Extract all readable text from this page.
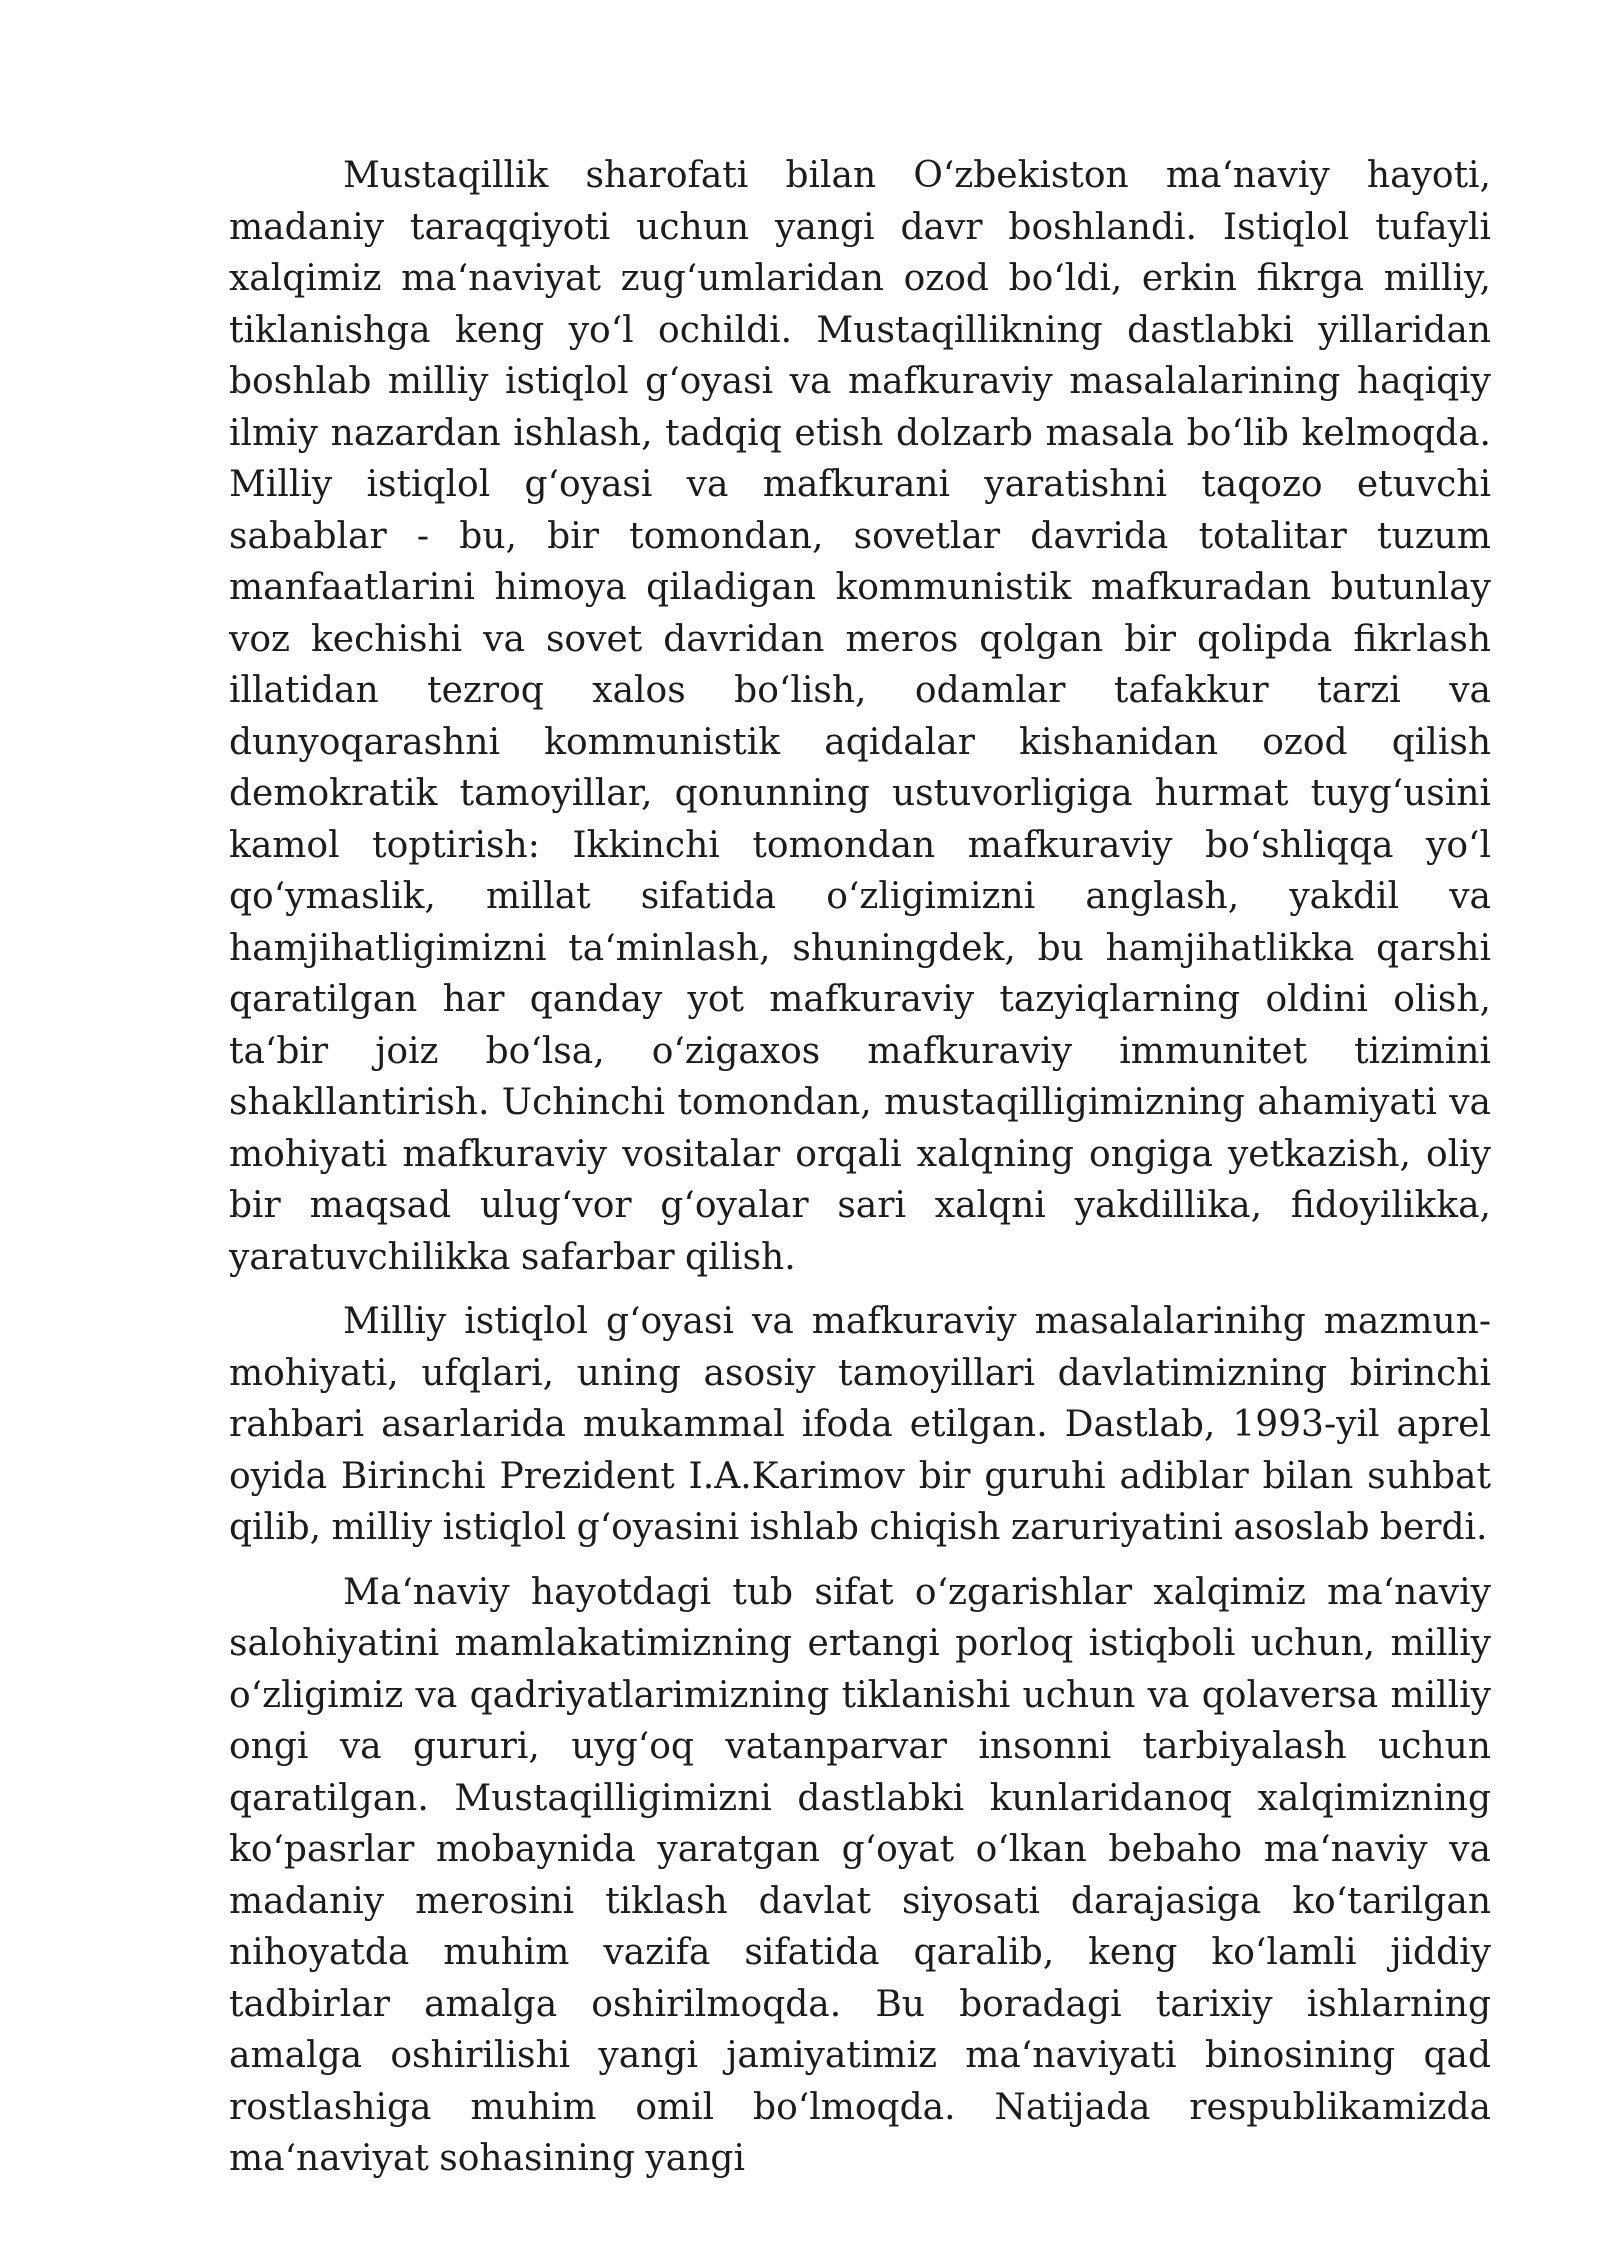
Mustaqillik sharofati bilan O‘zbekiston ma‘naviy hayoti, madaniy taraqqiyoti uchun yangi davr boshlandi. Istiqlol tufayli xalqimiz ma‘naviyat zug‘umlaridan ozod bo‘ldi, erkin fikrga milliy, tiklanishga keng yo‘l ochildi. Mustaqillikning dastlabki yillaridan boshlab milliy istiqlol g‘oyasi va mafkuraviy masalalarining haqiqiy ilmiy nazardan ishlash, tadqiq etish dolzarb masala bo‘lib kelmoqda. Milliy istiqlol g‘oyasi va mafkurani yaratishni taqozo etuvchi sabablar - bu, bir tomondan, sovetlar davrida totalitar tuzum manfaatlarini himoya qiladigan kommunistik mafkuradan butunlay voz kechishi va sovet davridan meros qolgan bir qolipda fikrlash illatidan tezroq xalos bo‘lish, odamlar tafakkur tarzi va dunyoqarashni kommunistik aqidalar kishanidan ozod qilish demokratik tamoyillar, qonunning ustuvorligiga hurmat tuyg‘usini kamol toptirish: Ikkinchi tomondan mafkuraviy bo‘shliqqa yo‘l qo‘ymaslik, millat sifatida o‘zligimizni anglash, yakdil va hamjihatligimizni ta‘minlash, shuningdek, bu hamjihatlikka qarshi qaratilgan har qanday yot mafkuraviy tazyiqlarning oldini olish, ta‘bir joiz bo‘lsa, o‘zigaxos mafkuraviy immunitet tizimini shakllantirish. Uchinchi tomondan, mustaqilligimizning ahamiyati va mohiyati mafkuraviy vositalar orqali xalqning ongiga yetkazish, oliy bir maqsad ulug‘vor g‘oyalar sari xalqni yakdillika, fidoyilikka, yaratuvchilikka safarbar qilish.

Milliy istiqlol g‘oyasi va mafkuraviy masalalarinihg mazmun-mohiyati, ufqlari, uning asosiy tamoyillari davlatimizning birinchi rahbari asarlarida mukammal ifoda etilgan. Dastlab, 1993-yil aprel oyida Birinchi Prezident I.A.Karimov bir guruhi adiblar bilan suhbat qilib, milliy istiqlol g‘oyasini ishlab chiqish zaruriyatini asoslab berdi.

Ma‘naviy hayotdagi tub sifat o‘zgarishlar xalqimiz ma‘naviy salohiyatini mamlakatimizning ertangi porloq istiqboli uchun, milliy o‘zligimiz va qadriyatlarimizning tiklanishi uchun va qolaversa milliy ongi va gururi, uyg‘oq vatanparvar insonni tarbiyalash uchun qaratilgan. Mustaqilligimizni dastlabki kunlaridanoq xalqimizning ko‘pasrlar mobaynida yaratgan g‘oyat o‘lkan bebaho ma‘naviy va madaniy merosini tiklash davlat siyosati darajasiga ko‘tarilgan nihoyatda muhim vazifa sifatida qaralib, keng ko‘lamli jiddiy tadbirlar amalga oshirilmoqda. Bu boradagi tarixiy ishlarning amalga oshirilishi yangi jamiyatimiz ma‘naviyati binosining qad rostlashiga muhim omil bo‘lmoqda. Natijada respublikamizda ma‘naviyat sohasining yangi
